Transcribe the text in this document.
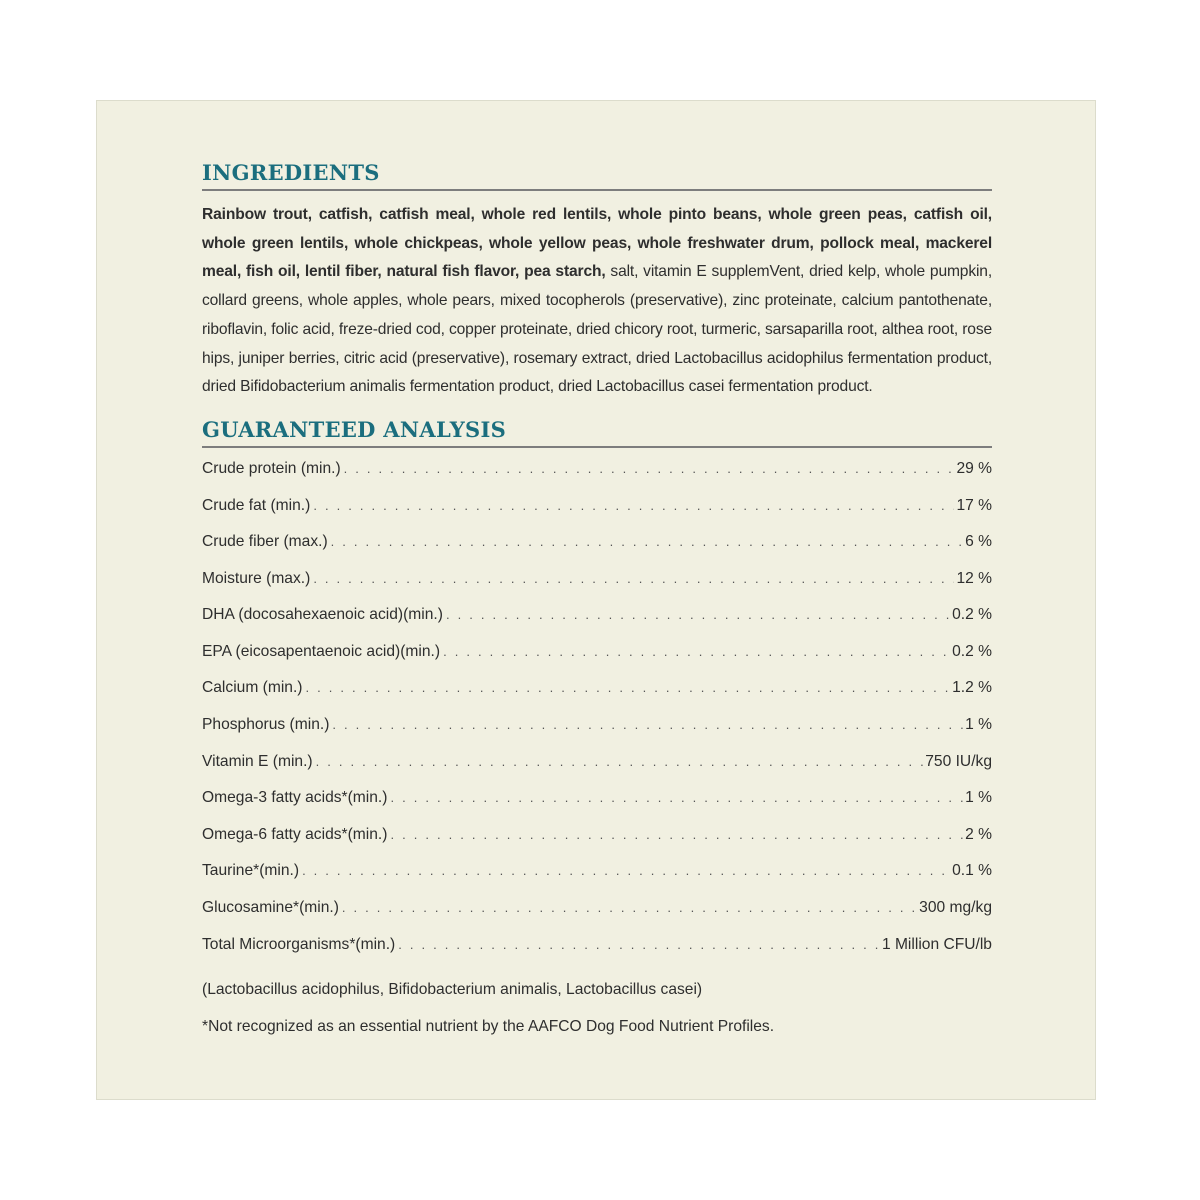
INGREDIENTS
Rainbow trout, catfish, catfish meal, whole red lentils, whole pinto beans, whole green peas, catfish oil, whole green lentils, whole chickpeas, whole yellow peas, whole freshwater drum, pollock meal, mackerel meal, fish oil, lentil fiber, natural fish flavor, pea starch, salt, vitamin E supplemVent, dried kelp, whole pumpkin, collard greens, whole apples, whole pears, mixed tocopherols (preservative), zinc proteinate, calcium pantothenate, riboflavin, folic acid, freze-dried cod, copper proteinate, dried chicory root, turmeric, sarsaparilla root, althea root, rose hips, juniper berries, citric acid (preservative), rosemary extract, dried Lactobacillus acidophilus fermentation product, dried Bifidobacterium animalis fermentation product, dried Lactobacillus casei fermentation product.
GUARANTEED ANALYSIS
Crude protein (min.) . . .	29 %
Crude fat (min.) . . .	17 %
Crude fiber (max.) . . .	6 %
Moisture (max.) . . .	12 %
DHA (docosahexaenoic acid)(min.) . . .	0.2 %
EPA (eicosapentaenoic acid)(min.) . . .	0.2 %
Calcium (min.) . . .	1.2 %
Phosphorus (min.) . . .	1 %
Vitamin E (min.) . . .	750 IU/kg
Omega-3 fatty acids*(min.) . . .	1 %
Omega-6 fatty acids*(min.) . . .	2 %
Taurine*(min.) . . .	0.1 %
Glucosamine*(min.) . . .	300 mg/kg
Total Microorganisms*(min.) . . .	1 Million CFU/lb
(Lactobacillus acidophilus, Bifidobacterium animalis, Lactobacillus casei)
*Not recognized as an essential nutrient by the AAFCO Dog Food Nutrient Profiles.
